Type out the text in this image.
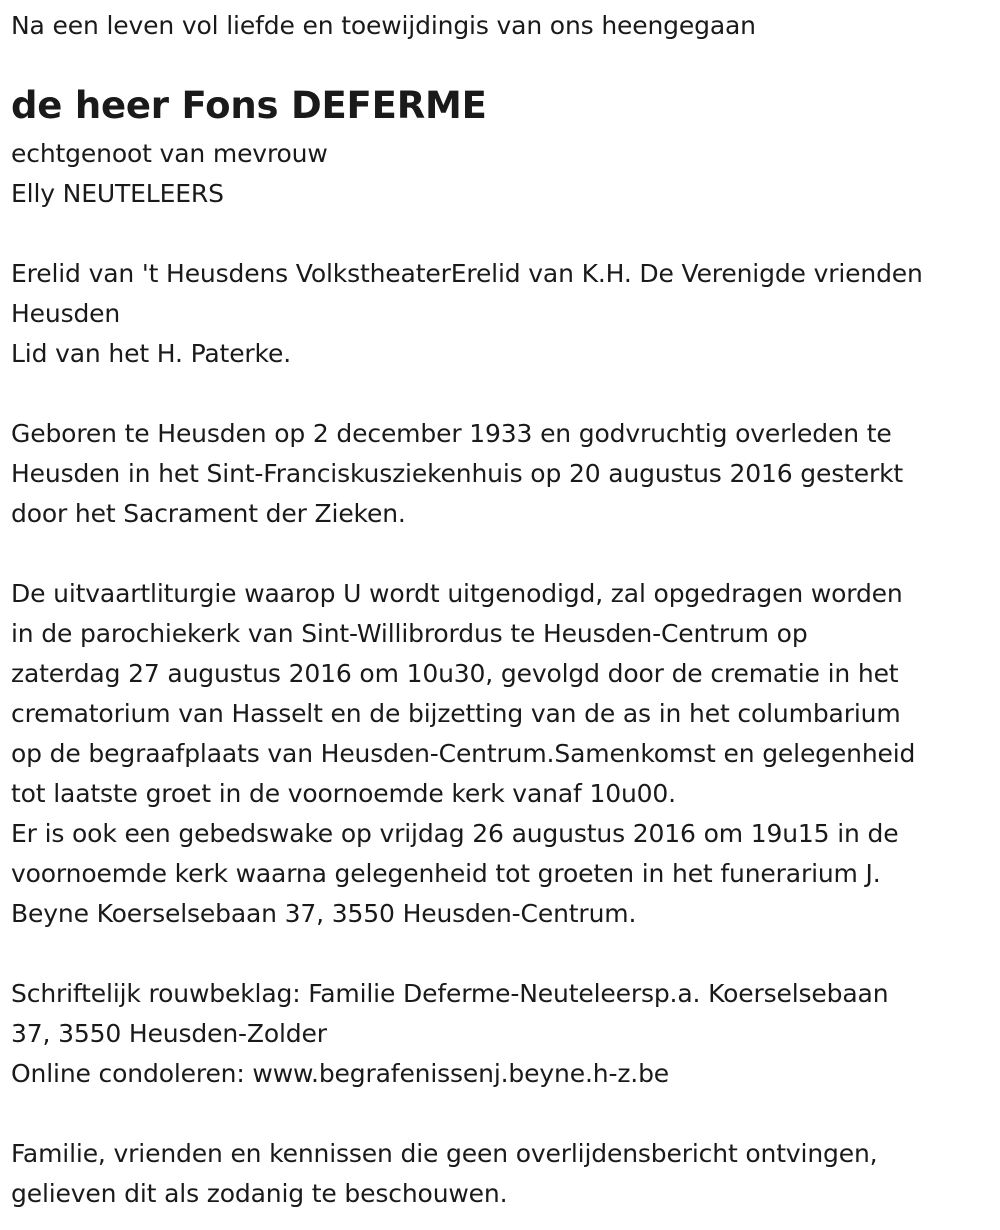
Na een leven vol liefde en toewijdingis van ons heengegaan
de heer Fons DEFERME
echtgenoot van mevrouw
Elly NEUTELEERS
Erelid van 't Heusdens VolkstheaterErelid van K.H. De Verenigde vrienden
Heusden
Lid van het H. Paterke.
Geboren te Heusden op 2 december 1933 en godvruchtig overleden te
Heusden in het Sint-Franciskusziekenhuis op 20 augustus 2016 gesterkt
door het Sacrament der Zieken.
De uitvaartliturgie waarop U wordt uitgenodigd, zal opgedragen worden
in de parochiekerk van Sint-Willibrordus te Heusden-Centrum op
zaterdag 27 augustus 2016 om 10u30, gevolgd door de crematie in het
crematorium van Hasselt en de bijzetting van de as in het columbarium
op de begraafplaats van Heusden-Centrum.Samenkomst en gelegenheid
tot laatste groet in de voornoemde kerk vanaf 10u00.
Er is ook een gebedswake op vrijdag 26 augustus 2016 om 19u15 in de
voornoemde kerk waarna gelegenheid tot groeten in het funerarium J.
Beyne Koerselsebaan 37, 3550 Heusden-Centrum.
Schriftelijk rouwbeklag: Familie Deferme-Neuteleersp.a. Koerselsebaan
37, 3550 Heusden-Zolder
Online condoleren: www.begrafenissenj.beyne.h-z.be
Familie, vrienden en kennissen die geen overlijdensbericht ontvingen,
gelieven dit als zodanig te beschouwen.
